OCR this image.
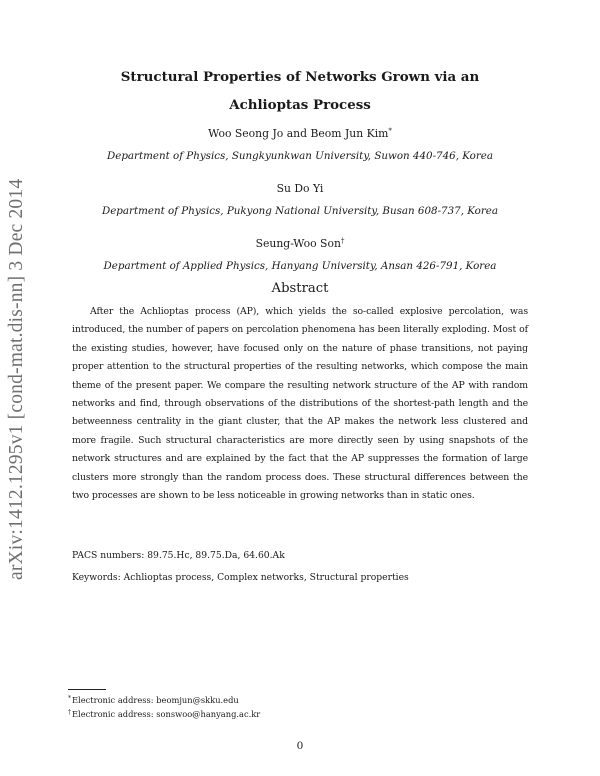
arXiv:1412.1295v1 [cond-mat.dis-nn] 3 Dec 2014
Structural Properties of Networks Grown via an Achlioptas Process
Woo Seong Jo and Beom Jun Kim*
Department of Physics, Sungkyunkwan University, Suwon 440-746, Korea
Su Do Yi
Department of Physics, Pukyong National University, Busan 608-737, Korea
Seung-Woo Son†
Department of Applied Physics, Hanyang University, Ansan 426-791, Korea
Abstract
After the Achlioptas process (AP), which yields the so-called explosive percolation, was introduced, the number of papers on percolation phenomena has been literally exploding. Most of the existing studies, however, have focused only on the nature of phase transitions, not paying proper attention to the structural properties of the resulting networks, which compose the main theme of the present paper. We compare the resulting network structure of the AP with random networks and find, through observations of the distributions of the shortest-path length and the betweenness centrality in the giant cluster, that the AP makes the network less clustered and more fragile. Such structural characteristics are more directly seen by using snapshots of the network structures and are explained by the fact that the AP suppresses the formation of large clusters more strongly than the random process does. These structural differences between the two processes are shown to be less noticeable in growing networks than in static ones.
PACS numbers: 89.75.Hc, 89.75.Da, 64.60.Ak
Keywords: Achlioptas process, Complex networks, Structural properties
*Electronic address: beomjun@skku.edu
†Electronic address: sonswoo@hanyang.ac.kr
0
